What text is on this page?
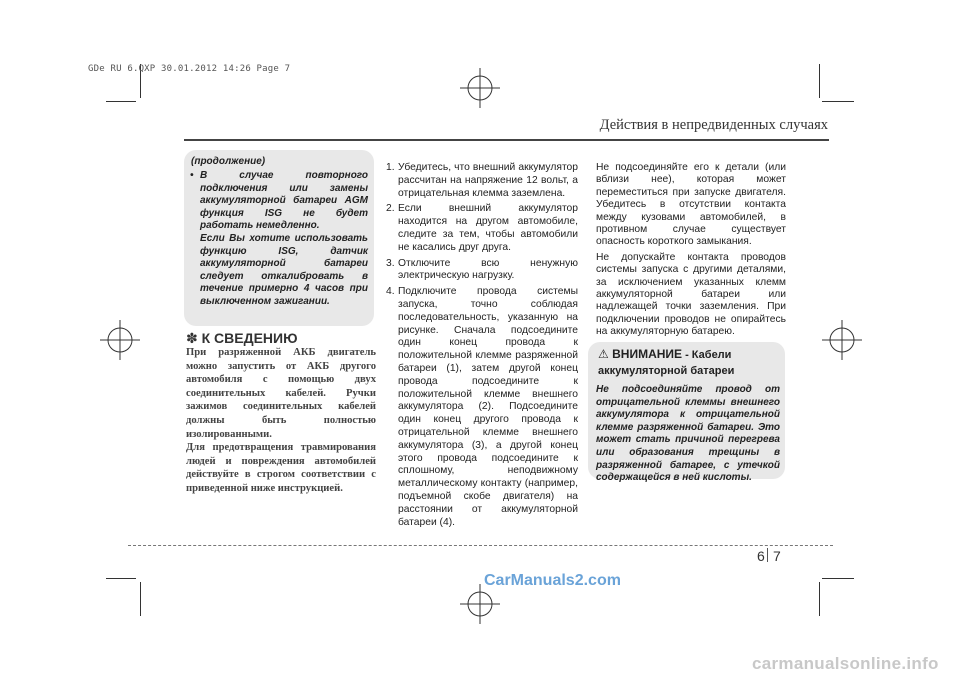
GDe RU 6.QXP 30.01.2012 14:26 Page 7
Действия в непредвиденных случаях
(продолжение)
• В случае повторного подключения или замены аккумуляторной батареи AGM функция ISG не будет работать немедленно.

Если Вы хотите использовать функцию ISG, датчик аккумуляторной батареи следует откалибровать в течение примерно 4 часов при выключенном зажигании.

✽ К СВЕДЕНИЮ

При разряженной АКБ двигатель можно запустить от АКБ другого автомобиля с помощью двух соединительных кабелей. Ручки зажимов соединительных кабелей должны быть полностью изолированными.

Для предотвращения травмирования людей и повреждения автомобилей действуйте в строгом соответствии с приведенной ниже инструкцией.

1. Убедитесь, что внешний аккумулятор рассчитан на напряжение 12 вольт, а отрицательная клемма заземлена.
2. Если внешний аккумулятор находится на другом автомобиле, следите за тем, чтобы автомобили не касались друг друга.
3. Отключите всю ненужную электрическую нагрузку.
4. Подключите провода системы запуска, точно соблюдая последовательность, указанную на рисунке. Сначала подсоедините один конец провода к положительной клемме разряженной батареи (1), затем другой конец провода подсоедините к положительной клемме внешнего аккумулятора (2). Подсоедините один конец другого провода к отрицательной клемме внешнего аккумулятора (3), а другой конец этого провода подсоедините к сплошному, неподвижному металлическому контакту (например, подъемной скобе двигателя) на расстоянии от аккумуляторной батареи (4).

Не подсоединяйте его к детали (или вблизи нее), которая может переместиться при запуске двигателя. Убедитесь в отсутствии контакта между кузовами автомобилей, в противном случае существует опасность короткого замыкания.

Не допускайте контакта проводов системы запуска с другими деталями, за исключением указанных клемм аккумуляторной батареи или надлежащей точки заземления. При подключении проводов не опирайтесь на аккумуляторную батарею.

⚠ ВНИМАНИЕ - Кабели аккумуляторной батареи
Не подсоединяйте провод от отрицательной клеммы внешнего аккумулятора к отрицательной клемме разряженной батареи. Это может стать причиной перегрева или образования трещины в разряженной батарее, с утечкой содержащейся в ней кислоты.
6 7
CarManuals2.com
carmanualsonline.info
